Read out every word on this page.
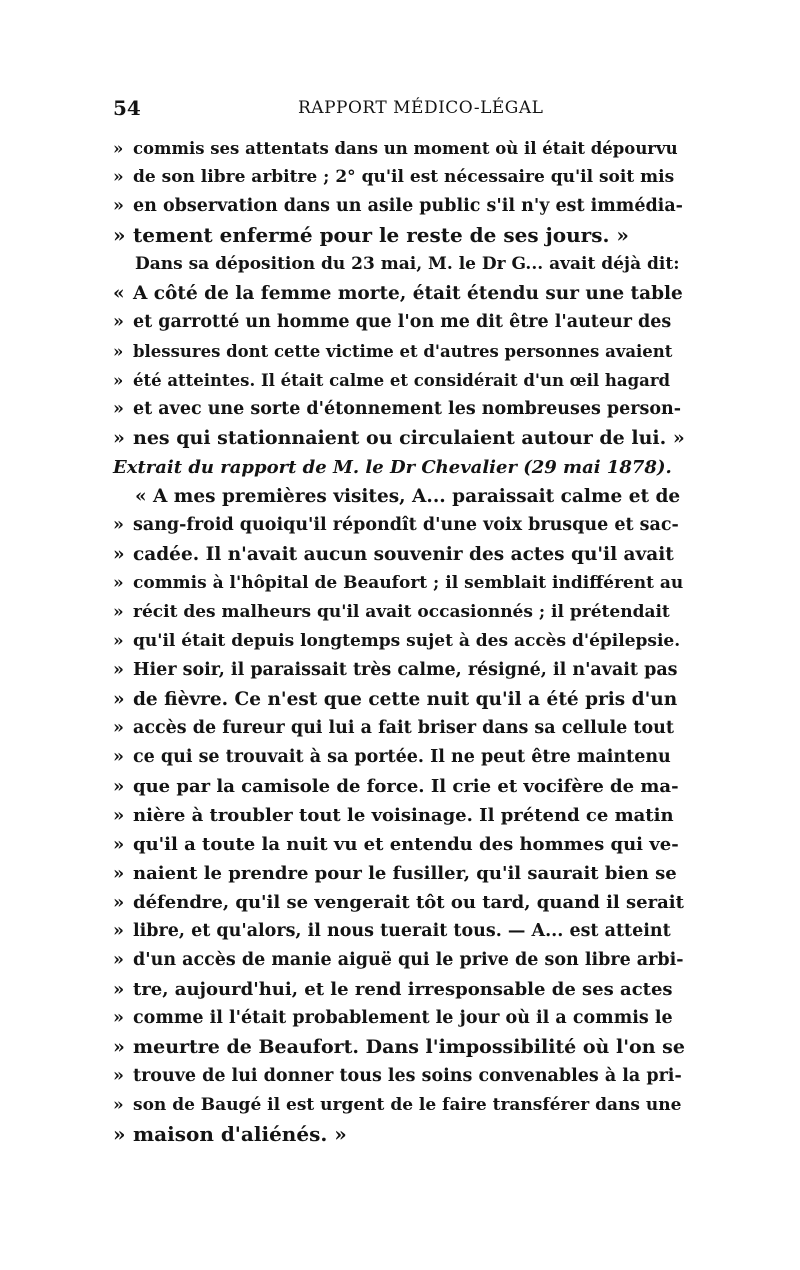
54	RAPPORT MÉDICO-LÉGAL
» commis ses attentats dans un moment où il était dépourvu
» de son libre arbitre ; 2° qu'il est nécessaire qu'il soit mis
» en observation dans un asile public s'il n'y est immédia-
» tement enfermé pour le reste de ses jours. »
Dans sa déposition du 23 mai, M. le Dr G... avait déjà dit:
« A côté de la femme morte, était étendu sur une table
» et garrotté un homme que l'on me dit être l'auteur des
» blessures dont cette victime et d'autres personnes avaient
» été atteintes. Il était calme et considérait d'un œil hagard
» et avec une sorte d'étonnement les nombreuses person-
» nes qui stationnaient ou circulaient autour de lui. »
Extrait du rapport de M. le Dr Chevalier (29 mai 1878).
« A mes premières visites, A... paraissait calme et de
» sang-froid quoiqu'il répondît d'une voix brusque et sac-
» cadée. Il n'avait aucun souvenir des actes qu'il avait
» commis à l'hôpital de Beaufort ; il semblait indifférent au
» récit des malheurs qu'il avait occasionnés ; il prétendait
» qu'il était depuis longtemps sujet à des accès d'épilepsie.
» Hier soir, il paraissait très calme, résigné, il n'avait pas
» de fièvre. Ce n'est que cette nuit qu'il a été pris d'un
» accès de fureur qui lui a fait briser dans sa cellule tout
» ce qui se trouvait à sa portée. Il ne peut être maintenu
» que par la camisole de force. Il crie et vocifère de ma-
» nière à troubler tout le voisinage. Il prétend ce matin
» qu'il a toute la nuit vu et entendu des hommes qui ve-
» naient le prendre pour le fusiller, qu'il saurait bien se
» défendre, qu'il se vengerait tôt ou tard, quand il serait
» libre, et qu'alors, il nous tuerait tous. — A... est atteint
» d'un accès de manie aiguë qui le prive de son libre arbi-
» tre, aujourd'hui, et le rend irresponsable de ses actes
» comme il l'était probablement le jour où il a commis le
» meurtre de Beaufort. Dans l'impossibilité où l'on se
» trouve de lui donner tous les soins convenables à la pri-
» son de Baugé il est urgent de le faire transférer dans une
» maison d'aliénés. »
